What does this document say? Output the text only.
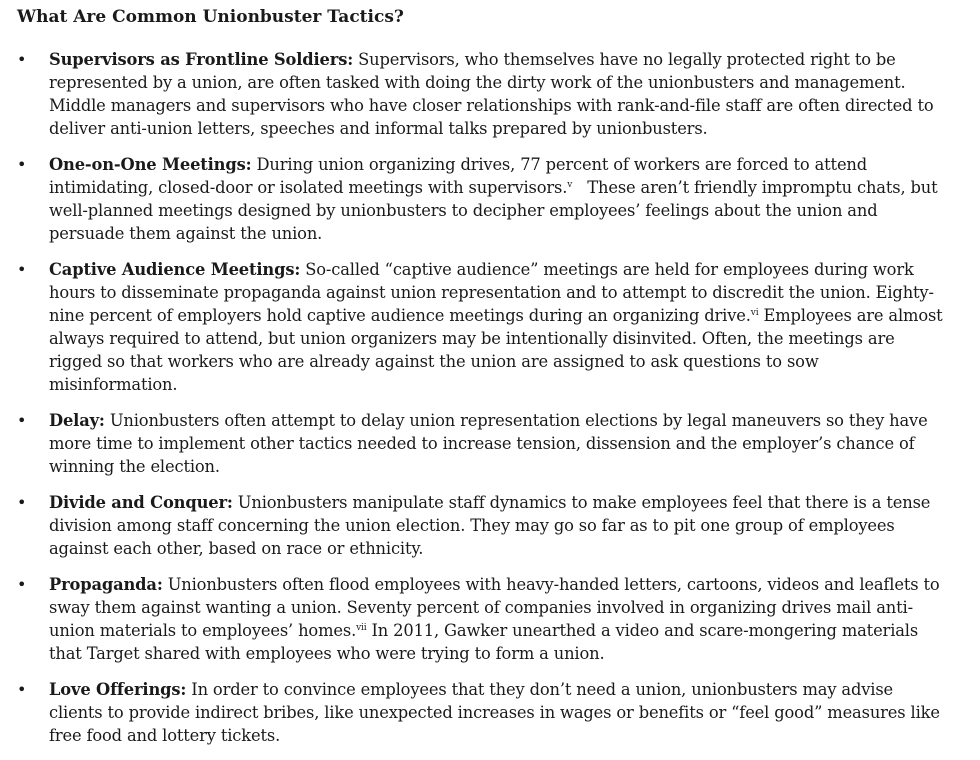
What Are Common Unionbuster Tactics?
• Supervisors as Frontline Soldiers: Supervisors, who themselves have no legally protected right to be represented by a union, are often tasked with doing the dirty work of the unionbusters and management. Middle managers and supervisors who have closer relationships with rank-and-file staff are often directed to deliver anti-union letters, speeches and informal talks prepared by unionbusters.
• One-on-One Meetings: During union organizing drives, 77 percent of workers are forced to attend intimidating, closed-door or isolated meetings with supervisors.$^v$   These aren’t friendly impromptu chats, but well-planned meetings designed by unionbusters to decipher employees’ feelings about the union and persuade them against the union.
• Captive Audience Meetings: So-called “captive audience” meetings are held for employees during work hours to disseminate propaganda against union representation and to attempt to discredit the union. Eighty-nine percent of employers hold captive audience meetings during an organizing drive.$^{vi}$ Employees are almost always required to attend, but union organizers may be intentionally disinvited. Often, the meetings are rigged so that workers who are already against the union are assigned to ask questions to sow misinformation.
• Delay: Unionbusters often attempt to delay union representation elections by legal maneuvers so they have more time to implement other tactics needed to increase tension, dissension and the employer’s chance of winning the election.
• Divide and Conquer: Unionbusters manipulate staff dynamics to make employees feel that there is a tense division among staff concerning the union election. They may go so far as to pit one group of employees against each other, based on race or ethnicity.
• Propaganda: Unionbusters often flood employees with heavy-handed letters, cartoons, videos and leaflets to sway them against wanting a union. Seventy percent of companies involved in organizing drives mail anti-union materials to employees’ homes.$^{vii}$ In 2011, Gawker unearthed a video and scare-mongering materials that Target shared with employees who were trying to form a union.
• Love Offerings: In order to convince employees that they don’t need a union, unionbusters may advise clients to provide indirect bribes, like unexpected increases in wages or benefits or “feel good” measures like free food and lottery tickets.
